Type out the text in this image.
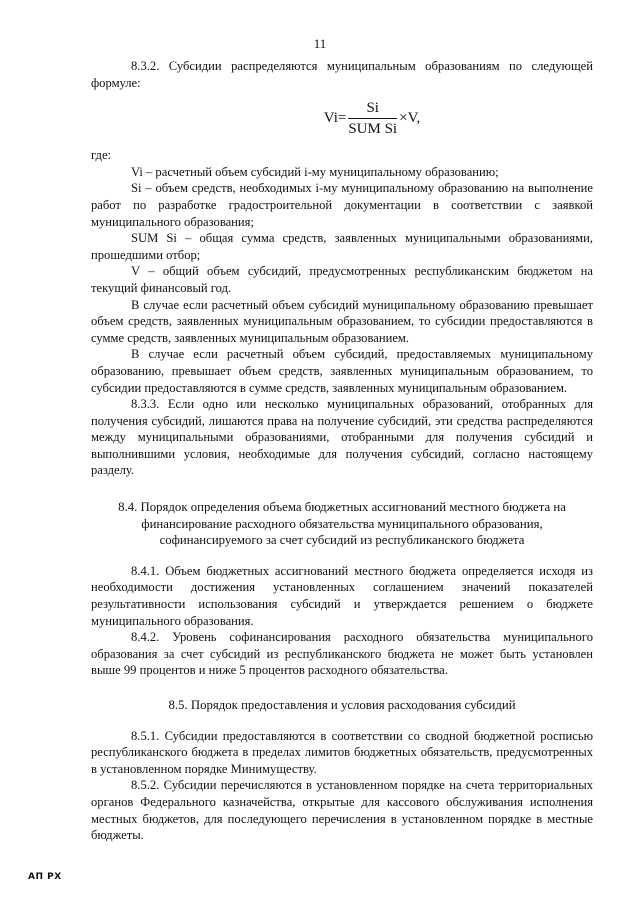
11

8.3.2. Субсидии распределяются муниципальным образованиям по следующей формуле:

$Vi= \frac{Si}{\text{SUM Si}} \times V$,

где:

Vi – расчетный объем субсидий i-му муниципальному образованию;

Si – объем средств, необходимых i-му муниципальному образованию на выполнение работ по разработке градостроительной документации в соответствии с заявкой муниципального образования;

SUM Si – общая сумма средств, заявленных муниципальными образованиями, прошедшими отбор;

V – общий объем субсидий, предусмотренных республиканским бюджетом на текущий финансовый год.

В случае если расчетный объем субсидий муниципальному образованию превышает объем средств, заявленных муниципальным образованием, то субсидии предоставляются в сумме средств, заявленных муниципальным образованием.

В случае если расчетный объем субсидий, предоставляемых муниципальному образованию, превышает объем средств, заявленных муниципальным образованием, то субсидии предоставляются в сумме средств, заявленных муниципальным образованием.

8.3.3. Если одно или несколько муниципальных образований, отобранных для получения субсидий, лишаются права на получение субсидий, эти средства распределяются между муниципальными образованиями, отобранными для получения субсидий и выполнившими условия, необходимые для получения субсидий, согласно настоящему разделу.

8.4. Порядок определения объема бюджетных ассигнований местного бюджета на финансирование расходного обязательства муниципального образования, софинансируемого за счет субсидий из республиканского бюджета

8.4.1. Объем бюджетных ассигнований местного бюджета определяется исходя из необходимости достижения установленных соглашением значений показателей результативности использования субсидий и утверждается решением о бюджете муниципального образования.

8.4.2. Уровень софинансирования расходного обязательства муниципального образования за счет субсидий из республиканского бюджета не может быть установлен выше 99 процентов и ниже 5 процентов расходного обязательства.

8.5. Порядок предоставления и условия расходования субсидий

8.5.1. Субсидии предоставляются в соответствии со сводной бюджетной росписью республиканского бюджета в пределах лимитов бюджетных обязательств, предусмотренных в установленном порядке Минимуществу.

8.5.2. Субсидии перечисляются в установленном порядке на счета территориальных органов Федерального казначейства, открытые для кассового обслуживания исполнения местных бюджетов, для последующего перечисления в установленном порядке в местные бюджеты.

АП РХ
